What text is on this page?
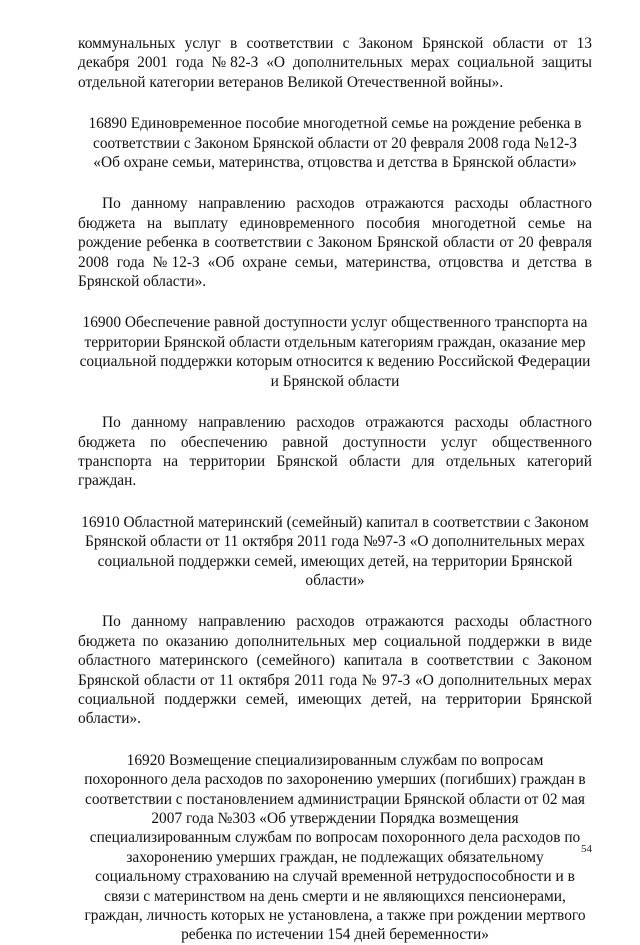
коммунальных услуг в соответствии с Законом Брянской области от 13 декабря 2001 года №82-З «О дополнительных мерах социальной защиты отдельной категории ветеранов Великой Отечественной войны».

16890 Единовременное пособие многодетной семье на рождение ребенка в соответствии с Законом Брянской области от 20 февраля 2008 года №12-З «Об охране семьи, материнства, отцовства и детства в Брянской области»

По данному направлению расходов отражаются расходы областного бюджета на выплату единовременного пособия многодетной семье на рождение ребенка в соответствии с Законом Брянской области от 20 февраля 2008 года №12-З «Об охране семьи, материнства, отцовства и детства в Брянской области».

16900 Обеспечение равной доступности услуг общественного транспорта на территории Брянской области отдельным категориям граждан, оказание мер социальной поддержки которым относится к ведению Российской Федерации и Брянской области

По данному направлению расходов отражаются расходы областного бюджета по обеспечению равной доступности услуг общественного транспорта на территории Брянской области для отдельных категорий граждан.

16910 Областной материнский (семейный) капитал в соответствии с Законом Брянской области от 11 октября 2011 года №97-З «О дополнительных мерах социальной поддержки семей, имеющих детей, на территории Брянской области»

По данному направлению расходов отражаются расходы областного бюджета по оказанию дополнительных мер социальной поддержки в виде областного материнского (семейного) капитала в соответствии с Законом Брянской области от 11 октября 2011 года № 97-З «О дополнительных мерах социальной поддержки семей, имеющих детей, на территории Брянской области».

16920 Возмещение специализированным службам по вопросам похоронного дела расходов по захоронению умерших (погибших) граждан в соответствии с постановлением администрации Брянской области от 02 мая 2007 года №303 «Об утверждении Порядка возмещения специализированным службам по вопросам похоронного дела расходов по захоронению умерших граждан, не подлежащих обязательному социальному страхованию на случай временной нетрудоспособности и в связи с материнством на день смерти и не являющихся пенсионерами, граждан, личность которых не установлена, а также при рождении мертвого ребенка по истечении 154 дней беременности»

54
